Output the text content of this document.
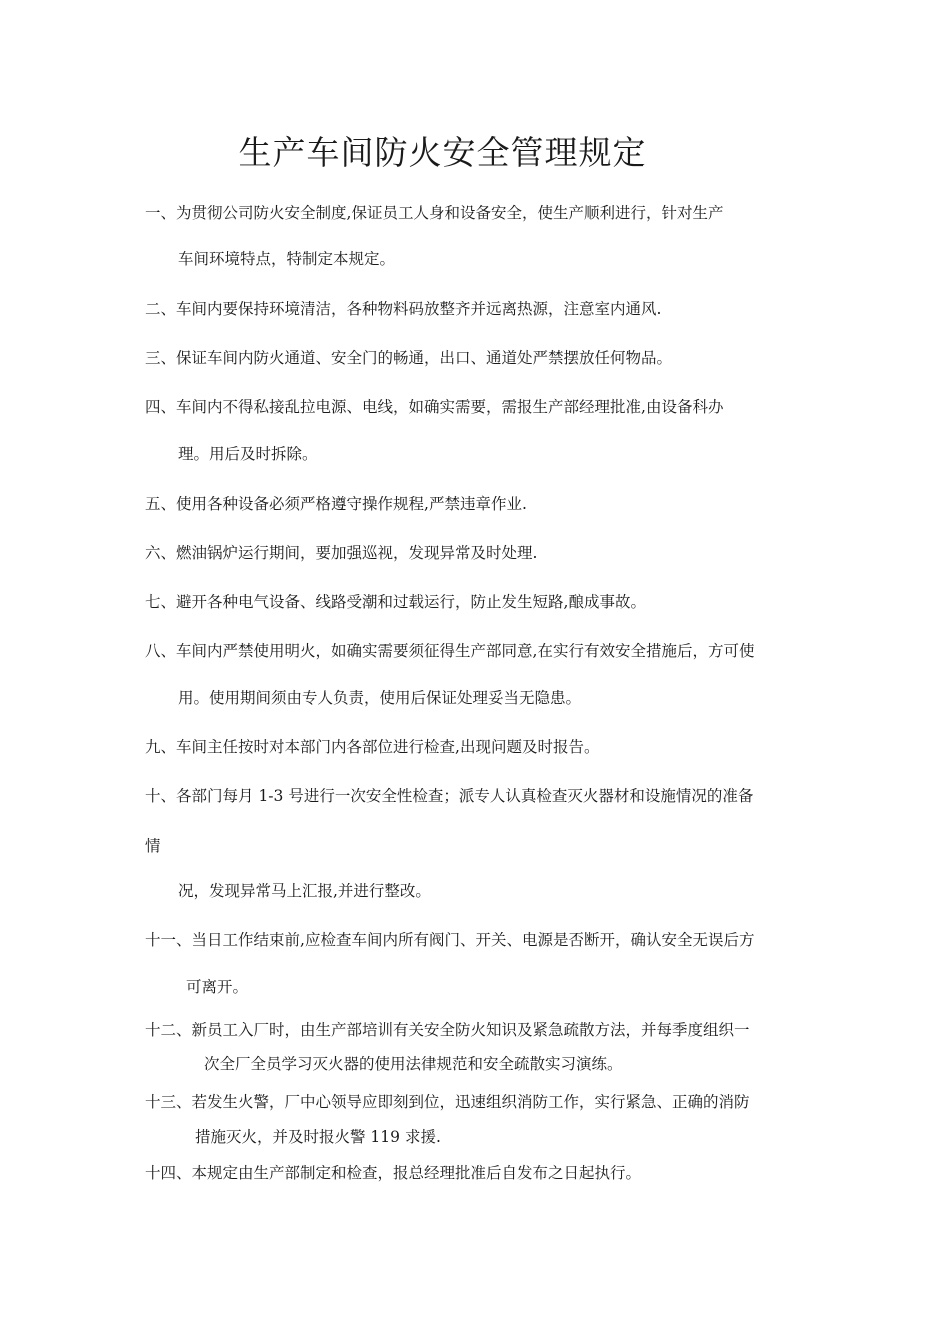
生产车间防火安全管理规定
一、为贯彻公司防火安全制度,保证员工人身和设备安全，使生产顺利进行，针对生产
车间环境特点，特制定本规定。
二、车间内要保持环境清洁，各种物料码放整齐并远离热源，注意室内通风.
三、保证车间内防火通道、安全门的畅通，出口、通道处严禁摆放任何物品。
四、车间内不得私接乱拉电源、电线，如确实需要，需报生产部经理批准,由设备科办
理。用后及时拆除。
五、使用各种设备必须严格遵守操作规程,严禁违章作业.
六、燃油锅炉运行期间，要加强巡视，发现异常及时处理.
七、避开各种电气设备、线路受潮和过载运行，防止发生短路,酿成事故。
八、车间内严禁使用明火，如确实需要须征得生产部同意,在实行有效安全措施后，方可使
用。使用期间须由专人负责，使用后保证处理妥当无隐患。
九、车间主任按时对本部门内各部位进行检查,出现问题及时报告。
十、各部门每月 1-3 号进行一次安全性检查；派专人认真检查灭火器材和设施情况的准备
情
况，发现异常马上汇报,并进行整改。
十一、当日工作结束前,应检查车间内所有阀门、开关、电源是否断开，确认安全无误后方
可离开。
十二、新员工入厂时，由生产部培训有关安全防火知识及紧急疏散方法，并每季度组织一
次全厂全员学习灭火器的使用法律规范和安全疏散实习演练。
十三、若发生火警，厂中心领导应即刻到位，迅速组织消防工作，实行紧急、正确的消防
措施灭火，并及时报火警 119 求援.
十四、本规定由生产部制定和检查，报总经理批准后自发布之日起执行。
